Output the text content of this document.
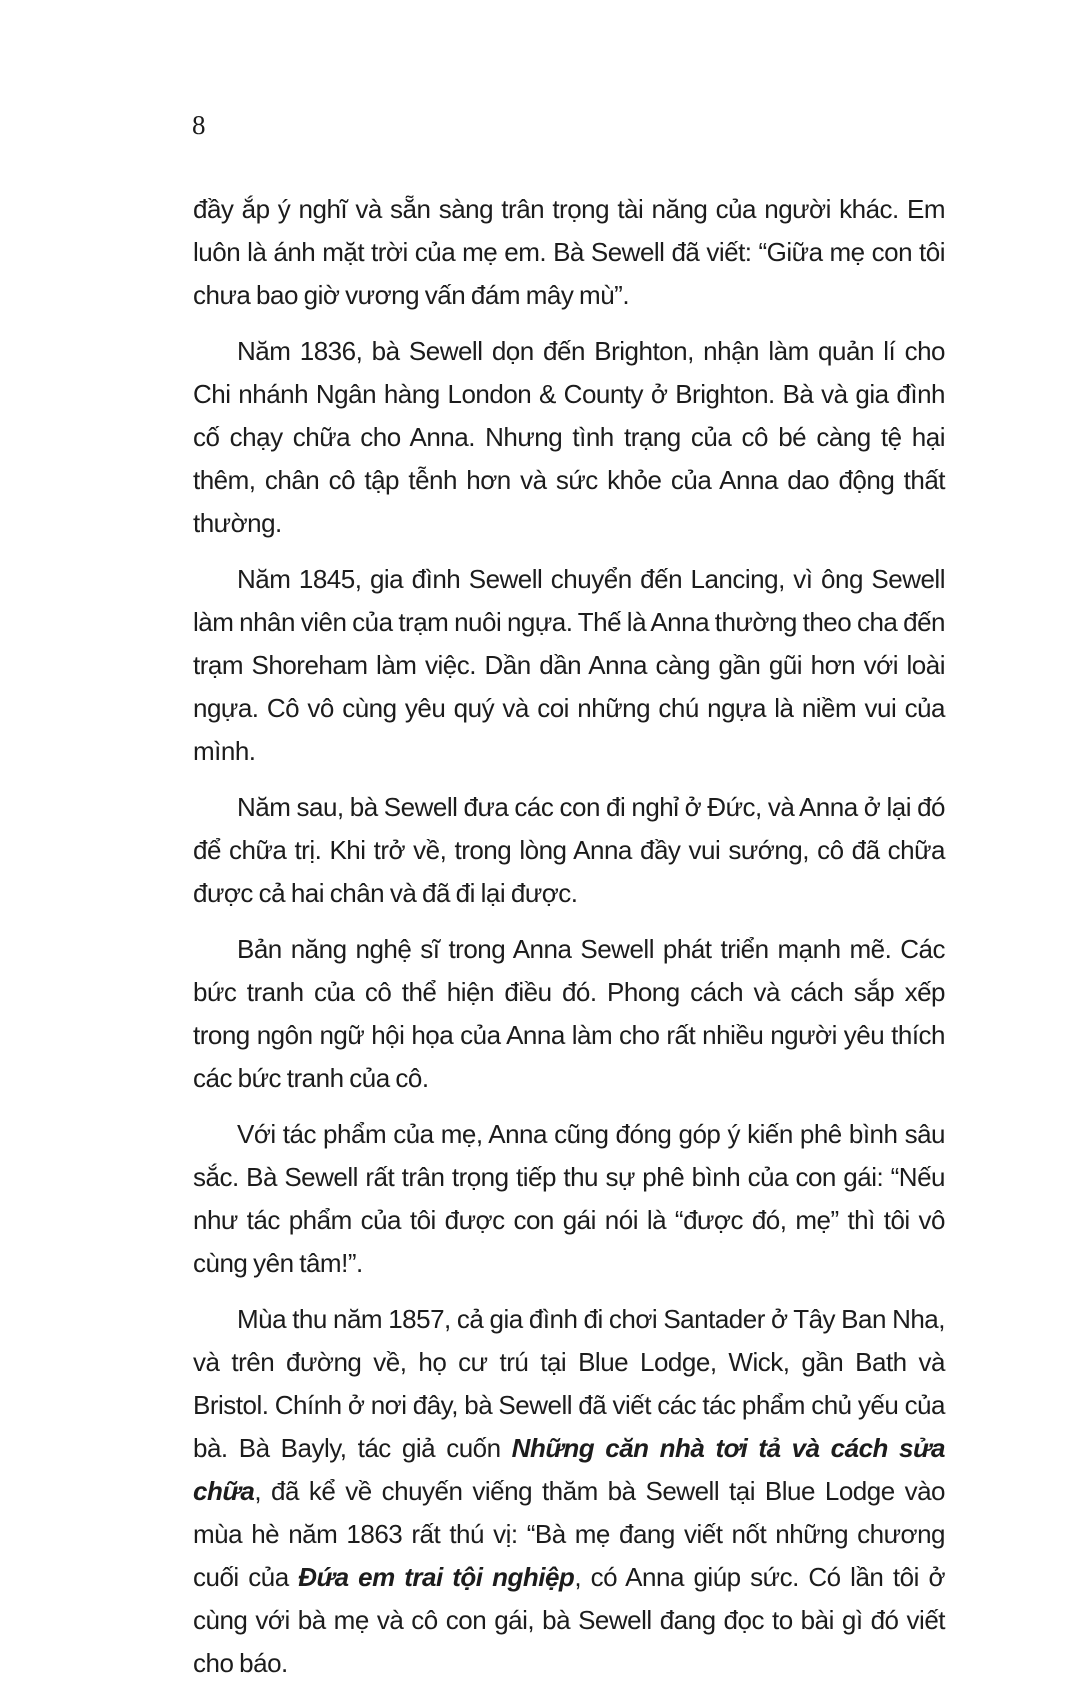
8

đầy ắp ý nghĩ và sẵn sàng trân trọng tài năng của người khác. Em luôn là ánh mặt trời của mẹ em. Bà Sewell đã viết: “Giữa mẹ con tôi chưa bao giờ vương vấn đám mây mù”.

Năm 1836, bà Sewell dọn đến Brighton, nhận làm quản lí cho Chi nhánh Ngân hàng London & County ở Brighton. Bà và gia đình cố chạy chữa cho Anna. Nhưng tình trạng của cô bé càng tệ hại thêm, chân cô tập tễnh hơn và sức khỏe của Anna dao động thất thường.

Năm 1845, gia đình Sewell chuyển đến Lancing, vì ông Sewell làm nhân viên của trạm nuôi ngựa. Thế là Anna thường theo cha đến trạm Shoreham làm việc. Dần dần Anna càng gần gũi hơn với loài ngựa. Cô vô cùng yêu quý và coi những chú ngựa là niềm vui của mình.

Năm sau, bà Sewell đưa các con đi nghỉ ở Đức, và Anna ở lại đó để chữa trị. Khi trở về, trong lòng Anna đầy vui sướng, cô đã chữa được cả hai chân và đã đi lại được.

Bản năng nghệ sĩ trong Anna Sewell phát triển mạnh mẽ. Các bức tranh của cô thể hiện điều đó. Phong cách và cách sắp xếp trong ngôn ngữ hội họa của Anna làm cho rất nhiều người yêu thích các bức tranh của cô.

Với tác phẩm của mẹ, Anna cũng đóng góp ý kiến phê bình sâu sắc. Bà Sewell rất trân trọng tiếp thu sự phê bình của con gái: “Nếu như tác phẩm của tôi được con gái nói là “được đó, mẹ” thì tôi vô cùng yên tâm!”.

Mùa thu năm 1857, cả gia đình đi chơi Santader ở Tây Ban Nha, và trên đường về, họ cư trú tại Blue Lodge, Wick, gần Bath và Bristol. Chính ở nơi đây, bà Sewell đã viết các tác phẩm chủ yếu của bà. Bà Bayly, tác giả cuốn Những căn nhà tơi tả và cách sửa chữa, đã kể về chuyến viếng thăm bà Sewell tại Blue Lodge vào mùa hè năm 1863 rất thú vị: “Bà mẹ đang viết nốt những chương cuối của Đứa em trai tội nghiệp, có Anna giúp sức. Có lần tôi ở cùng với bà mẹ và cô con gái, bà Sewell đang đọc to bài gì đó viết cho báo.
